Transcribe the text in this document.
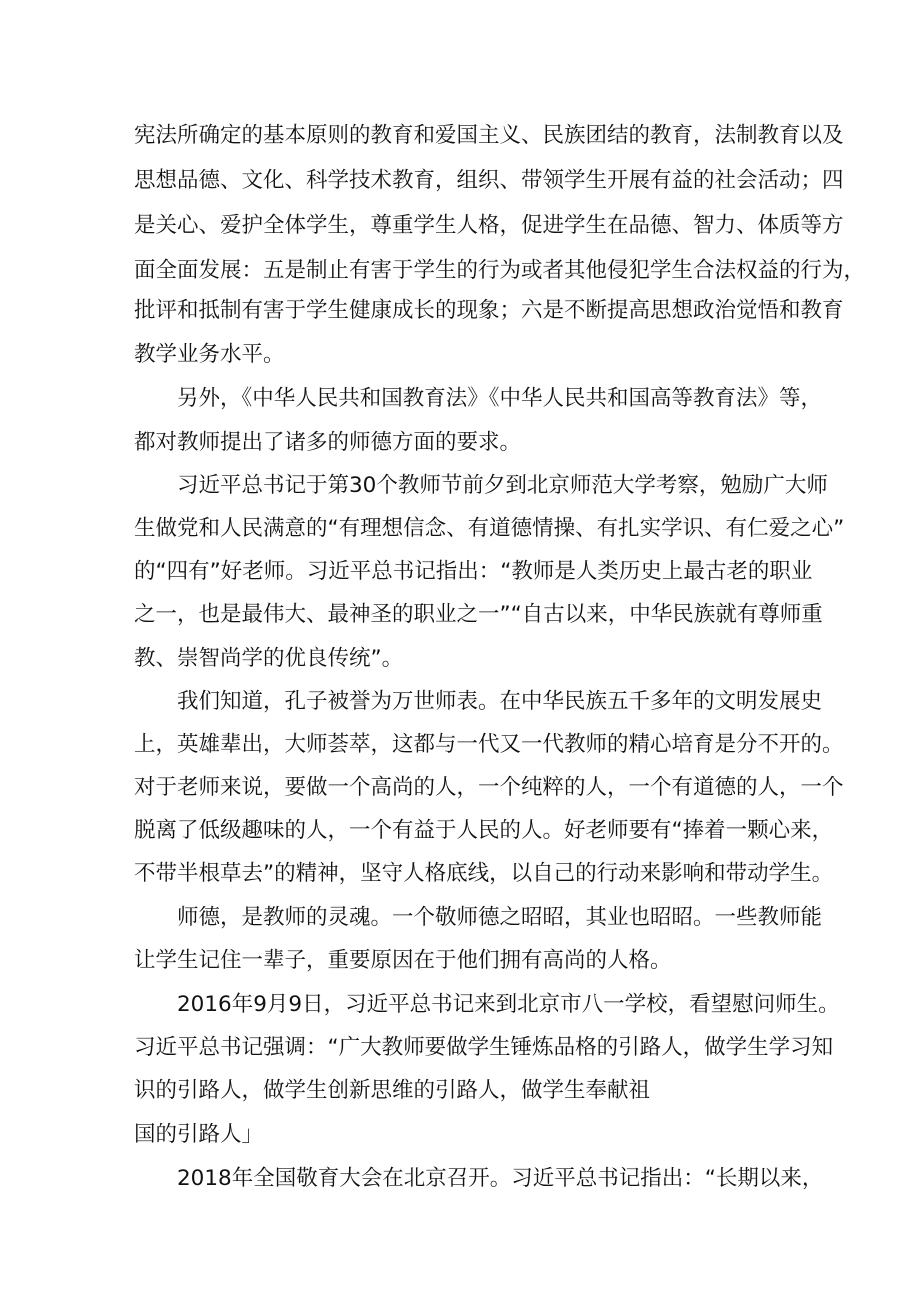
宪法所确定的基本原则的教育和爱国主义、民族团结的教育，法制教育以及
思想品德、文化、科学技术教育，组织、带领学生开展有益的社会活动；四
是关心、爱护全体学生，尊重学生人格，促进学生在品德、智力、体质等方
面全面发展：五是制止有害于学生的行为或者其他侵犯学生合法权益的行为，
批评和抵制有害于学生健康成长的现象；六是不断提高思想政治觉悟和教育
教学业务水平。
另外，《中华人民共和国教育法》《中华人民共和国高等教育法》等，
都对教师提出了诸多的师德方面的要求。
习近平总书记于第30个教师节前夕到北京师范大学考察，勉励广大师
生做党和人民满意的“有理想信念、有道德情操、有扎实学识、有仁爱之心”
的“四有”好老师。习近平总书记指出：“教师是人类历史上最古老的职业
之一，也是最伟大、最神圣的职业之一”“自古以来，中华民族就有尊师重
教、崇智尚学的优良传统”。
我们知道，孔子被誉为万世师表。在中华民族五千多年的文明发展史
上，英雄辈出，大师荟萃，这都与一代又一代教师的精心培育是分不开的。
对于老师来说，要做一个高尚的人，一个纯粹的人，一个有道德的人，一个
脱离了低级趣味的人，一个有益于人民的人。好老师要有“捧着一颗心来，
不带半根草去”的精神，坚守人格底线，以自己的行动来影响和带动学生。
师德，是教师的灵魂。一个敬师德之昭昭，其业也昭昭。一些教师能
让学生记住一辈子，重要原因在于他们拥有高尚的人格。
2016年9月9日，习近平总书记来到北京市八一学校，看望慰问师生。
习近平总书记强调：“广大教师要做学生锤炼品格的引路人，做学生学习知
识的引路人，做学生创新思维的引路人，做学生奉献祖
国的引路人」
2018年全国敬育大会在北京召开。习近平总书记指出：“长期以来，
